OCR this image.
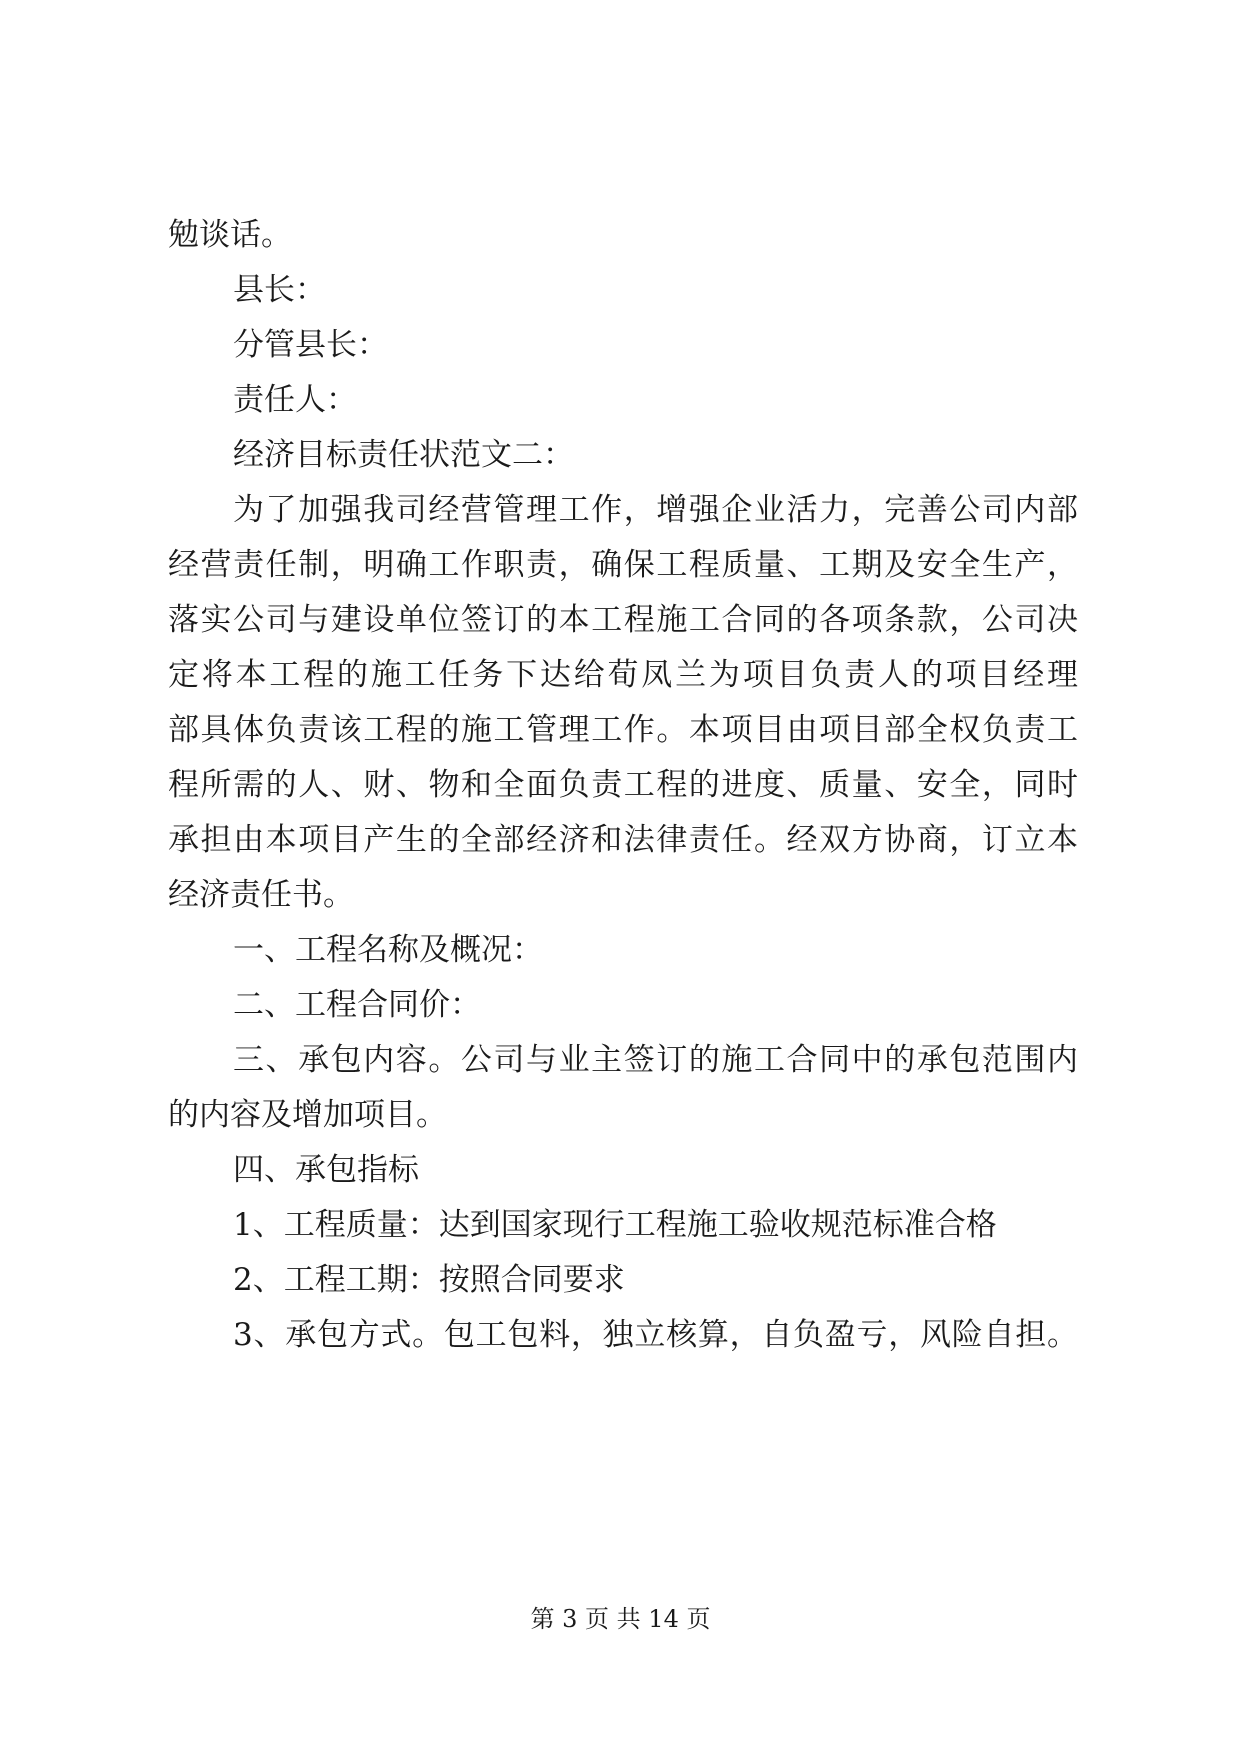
勉谈话。
县长：
分管县长：
责任人：
经济目标责任状范文二：
为了加强我司经营管理工作，增强企业活力，完善公司内部
经营责任制，明确工作职责，确保工程质量、工期及安全生产，
落实公司与建设单位签订的本工程施工合同的各项条款，公司决
定将本工程的施工任务下达给荀凤兰为项目负责人的项目经理
部具体负责该工程的施工管理工作。本项目由项目部全权负责工
程所需的人、财、物和全面负责工程的进度、质量、安全，同时
承担由本项目产生的全部经济和法律责任。经双方协商，订立本
经济责任书。
一、工程名称及概况：
二、工程合同价：
三、承包内容。公司与业主签订的施工合同中的承包范围内
的内容及增加项目。
四、承包指标
1、工程质量：达到国家现行工程施工验收规范标准合格
2、工程工期：按照合同要求
3、承包方式。包工包料，独立核算，自负盈亏，风险自担。
第 3 页 共 14 页
